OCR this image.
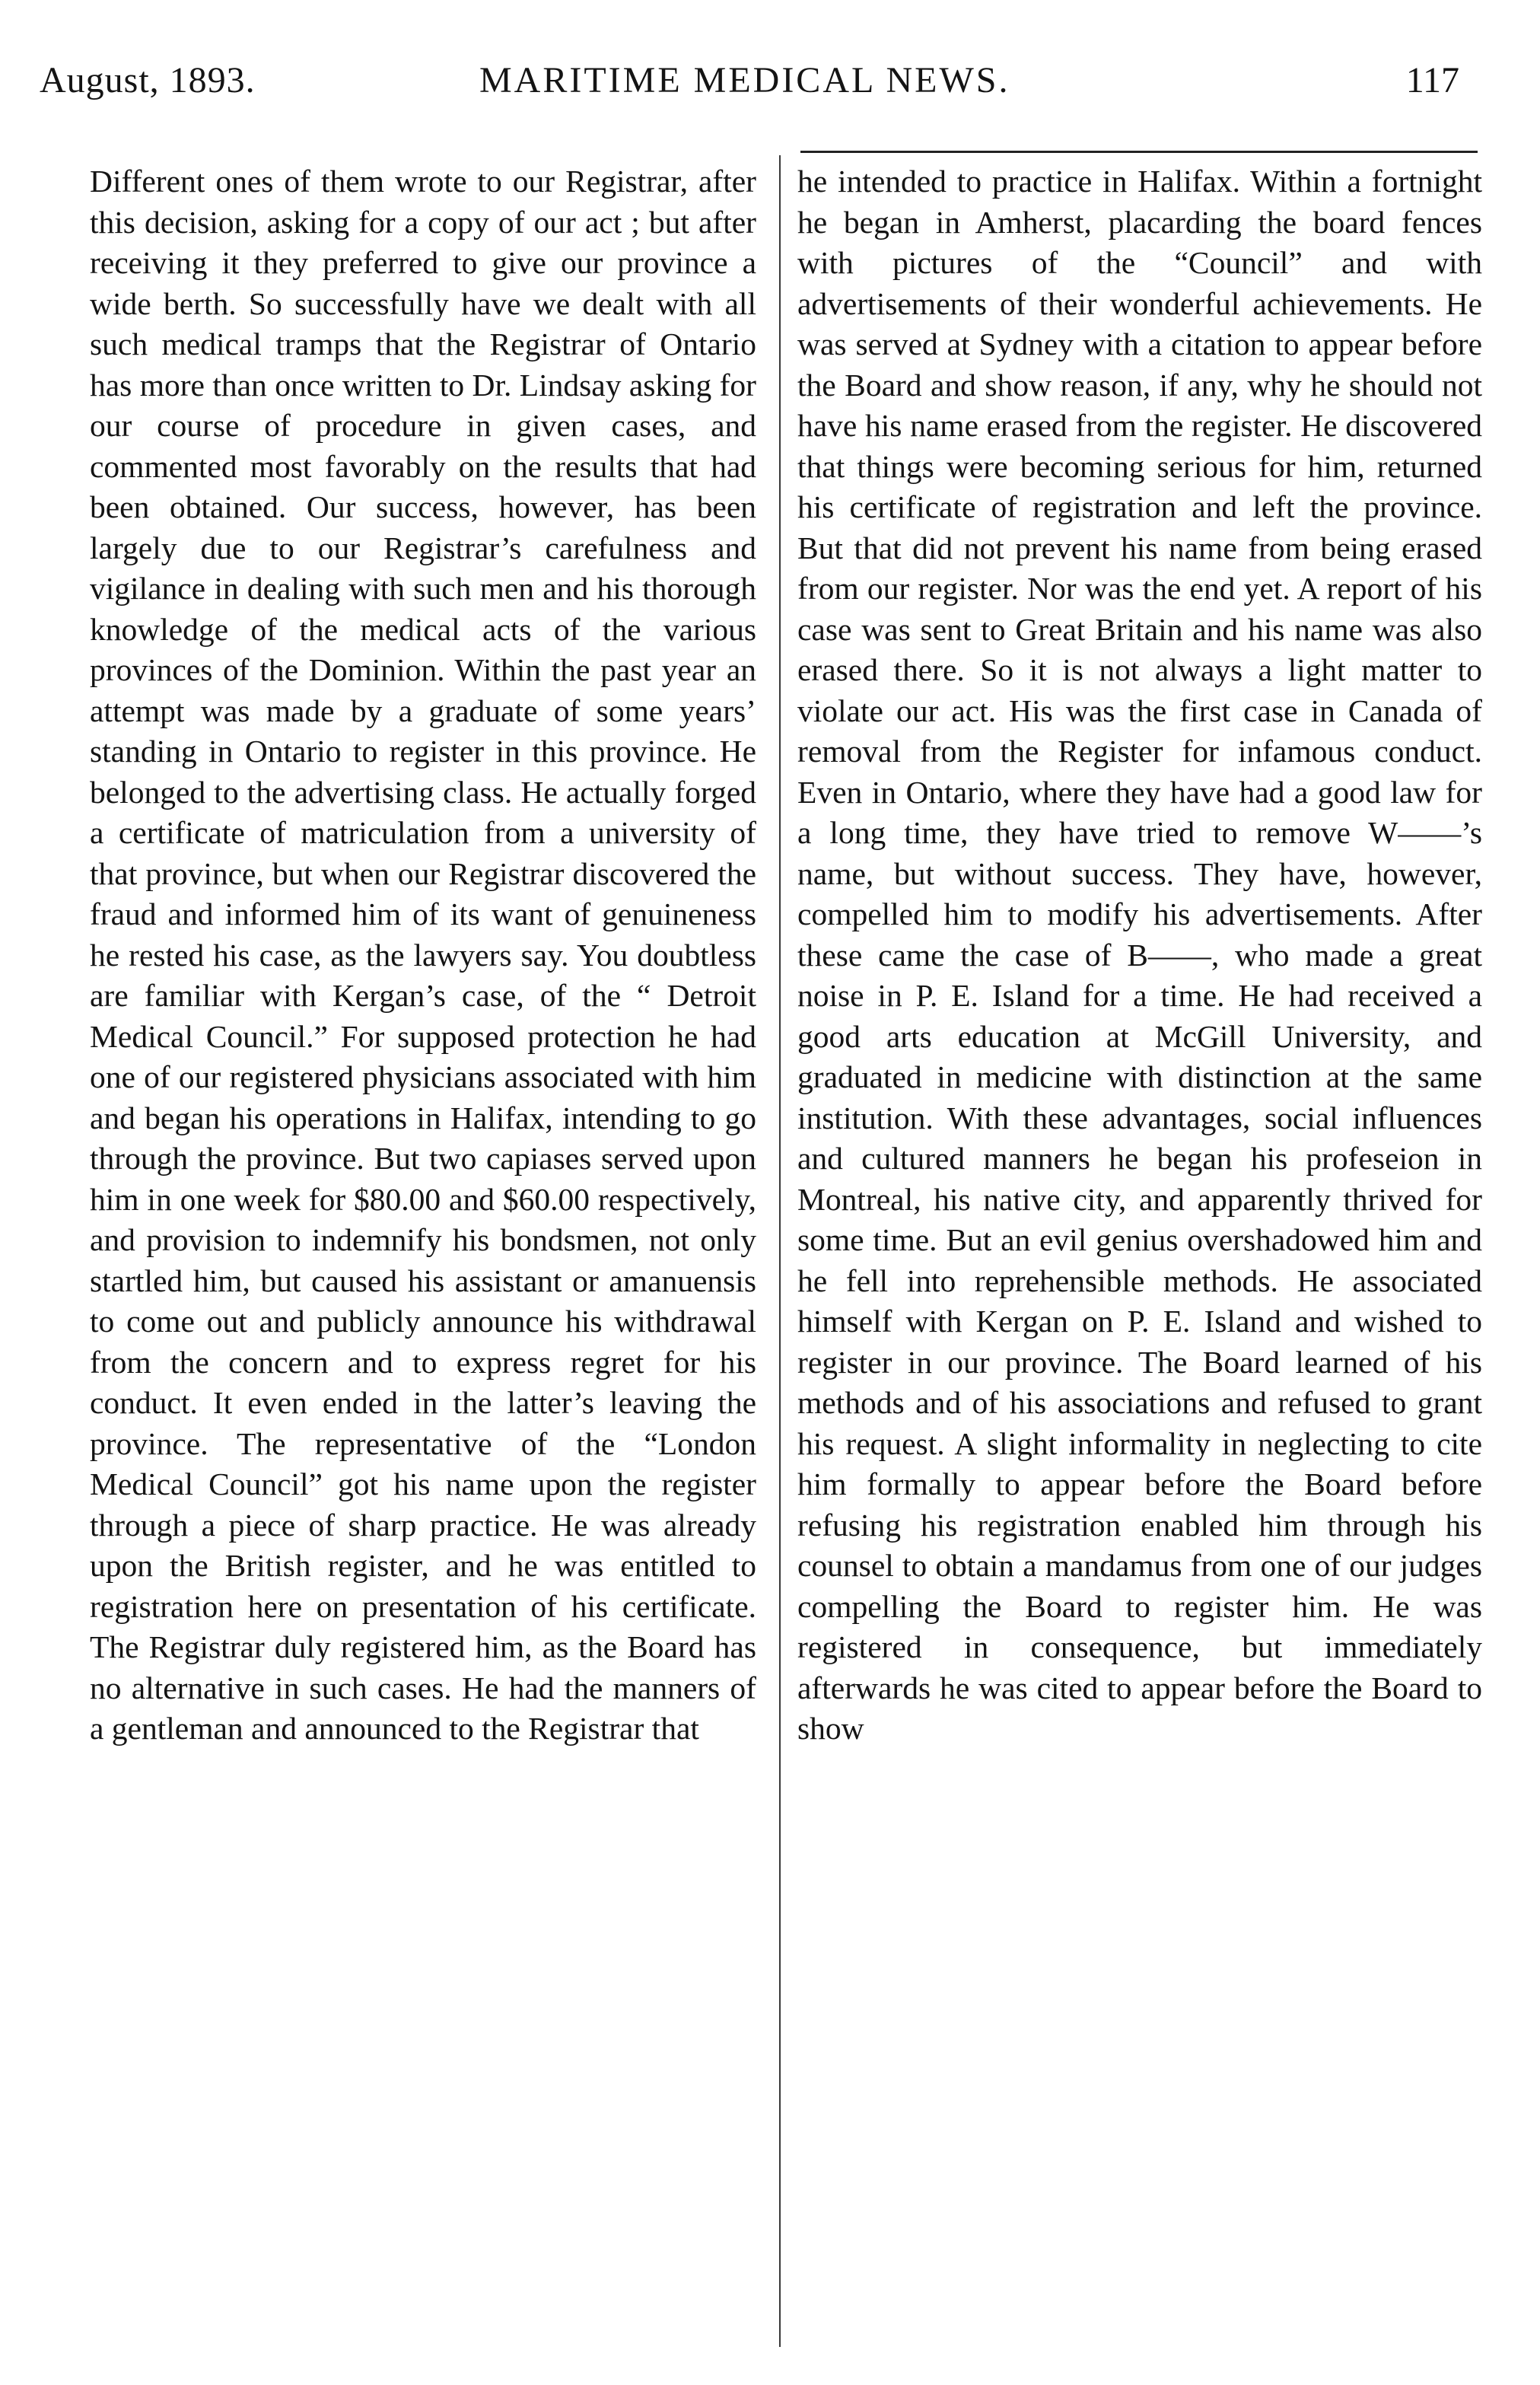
August, 1893.	MARITIME MEDICAL NEWS.	117

Different ones of them wrote to our Registrar, after this decision, asking for a copy of our act ; but after receiving it they preferred to give our province a wide berth. So successfully have we dealt with all such medical tramps that the Registrar of Ontario has more than once written to Dr. Lindsay asking for our course of procedure in given cases, and commented most favorably on the results that had been obtained. Our success, however, has been largely due to our Registrar’s carefulness and vigilance in dealing with such men and his thorough knowledge of the medical acts of the various provinces of the Dominion. Within the past year an attempt was made by a graduate of some years’ standing in Ontario to register in this province. He belonged to the advertising class. He actually forged a certificate of matriculation from a university of that province, but when our Registrar discovered the fraud and informed him of its want of genuineness he rested his case, as the lawyers say. You doubtless are familiar with Kergan’s case, of the “ Detroit Medical Council.” For supposed protection he had one of our registered physicians associated with him and began his operations in Halifax, intending to go through the province. But two capiases served upon him in one week for $80.00 and $60.00 respectively, and provision to indemnify his bondsmen, not only startled him, but caused his assistant or amanuensis to come out and publicly announce his withdrawal from the concern and to express regret for his conduct. It even ended in the latter’s leaving the province. The representative of the “London Medical Council” got his name upon the register through a piece of sharp practice. He was already upon the British register, and he was entitled to registration here on presentation of his certificate. The Registrar duly registered him, as the Board has no alternative in such cases. He had the manners of a gentleman and announced to the Registrar that

he intended to practice in Halifax. Within a fortnight he began in Amherst, placarding the board fences with pictures of the “Council” and with advertisements of their wonderful achievements. He was served at Sydney with a citation to appear before the Board and show reason, if any, why he should not have his name erased from the register. He discovered that things were becoming serious for him, returned his certificate of registration and left the province. But that did not prevent his name from being erased from our register. Nor was the end yet. A report of his case was sent to Great Britain and his name was also erased there. So it is not always a light matter to violate our act. His was the first case in Canada of removal from the Register for infamous conduct. Even in Ontario, where they have had a good law for a long time, they have tried to remove W——’s name, but without success. They have, however, compelled him to modify his advertisements. After these came the case of B——, who made a great noise in P. E. Island for a time. He had received a good arts education at McGill University, and graduated in medicine with distinction at the same institution. With these advantages, social influences and cultured manners he began his profeseion in Montreal, his native city, and apparently thrived for some time. But an evil genius overshadowed him and he fell into reprehensible methods. He associated himself with Kergan on P. E. Island and wished to register in our province. The Board learned of his methods and of his associations and refused to grant his request. A slight informality in neglecting to cite him formally to appear before the Board before refusing his registration enabled him through his counsel to obtain a mandamus from one of our judges compelling the Board to register him. He was registered in consequence, but immediately afterwards he was cited to appear before the Board to show
